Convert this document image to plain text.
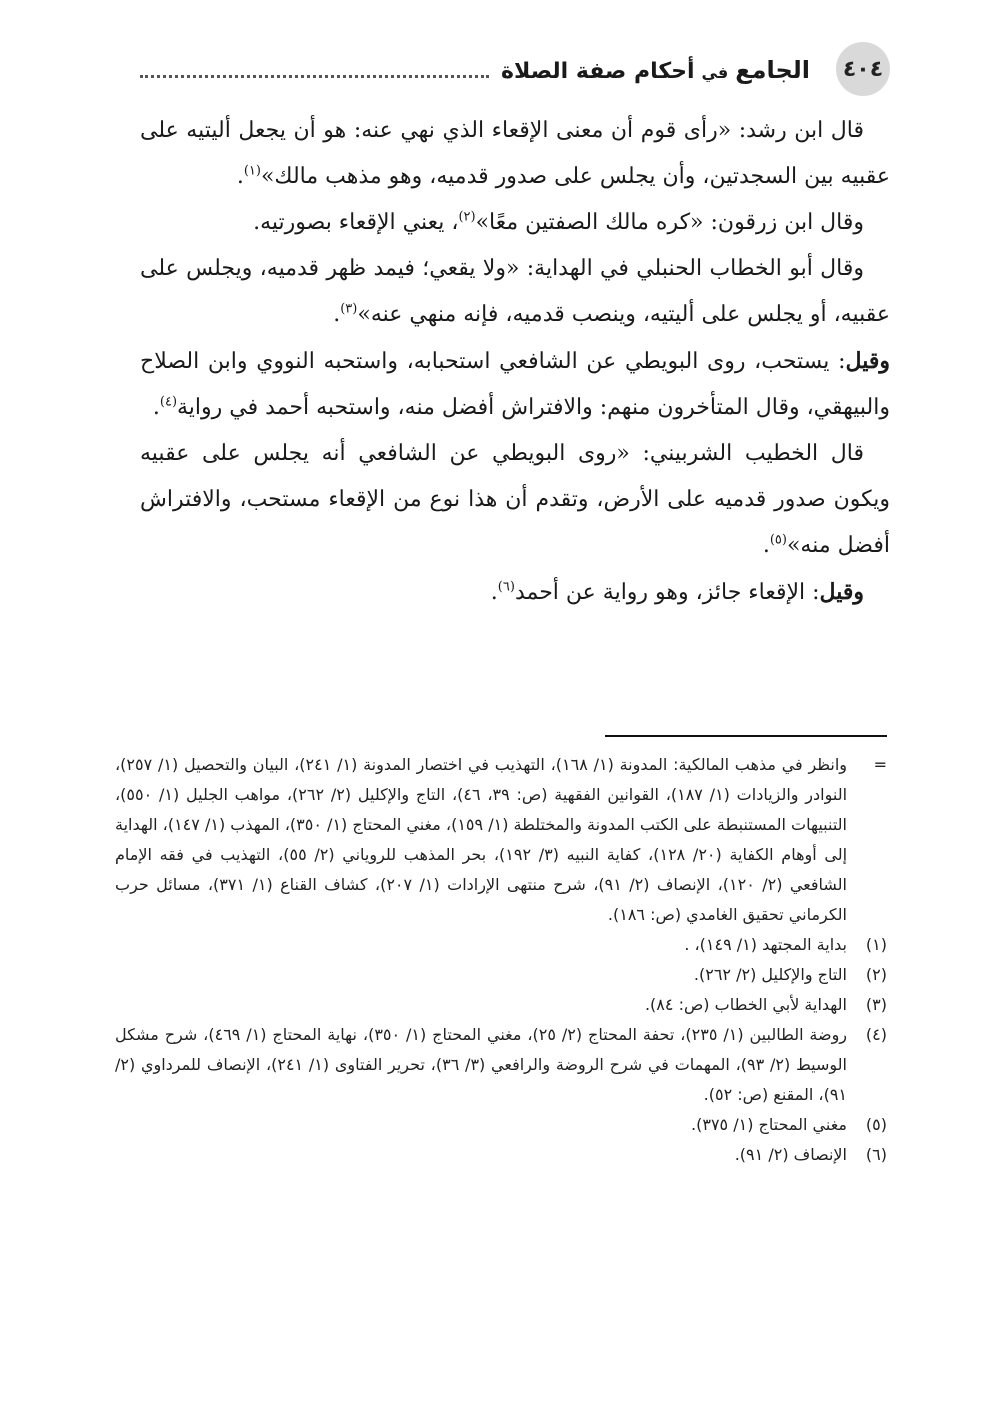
٤٠٤
الجامع في أحكام صفة الصلاة

قال ابن رشد: «رأى قوم أن معنى الإقعاء الذي نهي عنه: هو أن يجعل أليتيه على عقبيه بين السجدتين، وأن يجلس على صدور قدميه، وهو مذهب مالك»$^{(١)}$.

وقال ابن زرقون: «كره مالك الصفتين معًا»$^{(٢)}$، يعني الإقعاء بصورتيه.

وقال أبو الخطاب الحنبلي في الهداية: «ولا يقعي؛ فيمد ظهر قدميه، ويجلس على عقبيه، أو يجلس على أليتيه، وينصب قدميه، فإنه منهي عنه»$^{(٣)}$.

وقيل: يستحب، روى البويطي عن الشافعي استحبابه، واستحبه النووي وابن الصلاح والبيهقي، وقال المتأخرون منهم: والافتراش أفضل منه، واستحبه أحمد في رواية$^{(٤)}$.

قال الخطيب الشربيني: «روى البويطي عن الشافعي أنه يجلس على عقبيه ويكون صدور قدميه على الأرض، وتقدم أن هذا نوع من الإقعاء مستحب، والافتراش أفضل منه»$^{(٥)}$.

وقيل: الإقعاء جائز، وهو رواية عن أحمد$^{(٦)}$.

=
وانظر في مذهب المالكية: المدونة (١/ ١٦٨)، التهذيب في اختصار المدونة (١/ ٢٤١)، البيان والتحصيل (١/ ٢٥٧)، النوادر والزيادات (١/ ١٨٧)، القوانين الفقهية (ص: ٣٩، ٤٦)، التاج والإكليل (٢/ ٢٦٢)، مواهب الجليل (١/ ٥٥٠)، التنبيهات المستنبطة على الكتب المدونة والمختلطة (١/ ١٥٩)، مغني المحتاج (١/ ٣٥٠)، المهذب (١/ ١٤٧)، الهداية إلى أوهام الكفاية (٢٠/ ١٢٨)، كفاية النبيه (٣/ ١٩٢)، بحر المذهب للروياني (٢/ ٥٥)، التهذيب في فقه الإمام الشافعي (٢/ ١٢٠)، الإنصاف (٢/ ٩١)، شرح منتهى الإرادات (١/ ٢٠٧)، كشاف القناع (١/ ٣٧١)، مسائل حرب الكرماني تحقيق الغامدي (ص: ١٨٦).
(١)
بداية المجتهد (١/ ١٤٩)، .
(٢)
التاج والإكليل (٢/ ٢٦٢).
(٣)
الهداية لأبي الخطاب (ص: ٨٤).
(٤)
روضة الطالبين (١/ ٢٣٥)، تحفة المحتاج (٢/ ٢٥)، مغني المحتاج (١/ ٣٥٠)، نهاية المحتاج (١/ ٤٦٩)، شرح مشكل الوسيط (٢/ ٩٣)، المهمات في شرح الروضة والرافعي (٣/ ٣٦)، تحرير الفتاوى (١/ ٢٤١)، الإنصاف للمرداوي (٢/ ٩١)، المقنع (ص: ٥٢).
(٥)
مغني المحتاج (١/ ٣٧٥).
(٦)
الإنصاف (٢/ ٩١).
